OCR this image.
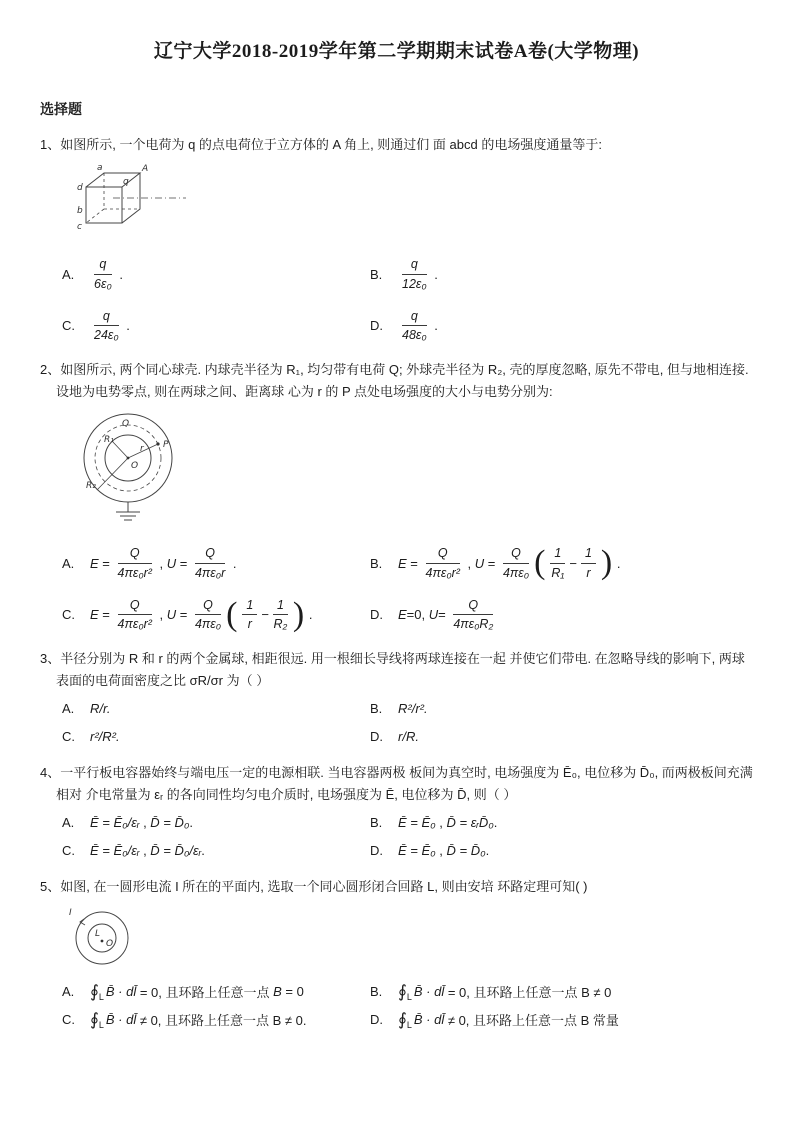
辽宁大学2018-2019学年第二学期期末试卷A卷(大学物理)
选择题

1、如图所示, 一个电荷为 q 的点电荷位于立方体的 A 角上, 则通过们 面 abcd 的电场强度通量等于:

a	A
q
d
b
c
A.	$\frac{q}{\text{6ε₀}}$ .	B.	$\frac{q}{\text{12ε₀}}$ .
C.	$\frac{q}{\text{24ε₀}}$ .	D.	$\frac{q}{\text{48ε₀}}$ .

2、如图所示, 两个同心球壳. 内球壳半径为 R₁, 均匀带有电荷 Q; 外球壳半径为 R₂, 壳的厚度忽略, 原先不带电, 但与地相连接. 设地为电势零点, 则在两球之间、距离球 心为 r 的 P 点处电场强度的大小与电势分别为:

Q
R₁
r P
O
R₂
A.	$E = \frac{Q}{\text{4πε₀r²}}$ , $U = \frac{Q}{\text{4πε₀r}}$ .	B.	$E = \frac{Q}{\text{4πε₀r²}}$ , $U = \frac{Q}{\text{4πε₀}}$ ( $\frac{1}{\text{R₁}} - \frac{1}{r}$ ) .
C.	$E = \frac{Q}{\text{4πε₀r²}}$ , $U = \frac{Q}{\text{4πε₀}}$ ( $\frac{1}{r} - \frac{1}{\text{R₂}}$ ) .	D.	E =0, $U = \frac{Q}{\text{4πε₀R₂}}$

3、半径分别为 R 和 r 的两个金属球, 相距很远. 用一根细长导线将两球连接在一起 并使它们带电. 在忽略导线的影响下, 两球表面的电荷面密度之比 σR/σr 为（ ）

A.	R/r.	B.	R²/r².
C.	r²/R².	D.	r/R.

4、一平行板电容器始终与端电压一定的电源相联. 当电容器两极 板间为真空时, 电场强度为 Ē₀, 电位移为 D̄₀, 而两极板间充满相对 介电常量为 εᵣ 的各向同性均匀电介质时, 电场强度为 Ē, 电位移为 D̄, 则（ ）

A.	Ē = Ē₀/εᵣ , D̄ = D̄₀ .	B.	Ē = Ē₀ , D̄ = εᵣD̄₀ .
C.	Ē = Ē₀/εᵣ , D̄ = D̄₀/εᵣ .	D.	Ē = Ē₀ , D̄ = D̄₀ .

5、如图, 在一圆形电流 I 所在的平面内, 选取一个同心圆形闭合回路 L, 则由安培 环路定理可知( )

I
L
O
A. ∮ L B̄ · dl̄ = 0, 且环路上任意一点 B = 0	B. ∮ L B̄ · dl̄ = 0, 且环路上任意一点 B ≠ 0
C. ∮ L B̄ · dl̄ ≠ 0, 且环路上任意一点 B ≠ 0.	D. ∮ L B̄ · dl̄ ≠ 0, 且环路上任意一点 B 常量
